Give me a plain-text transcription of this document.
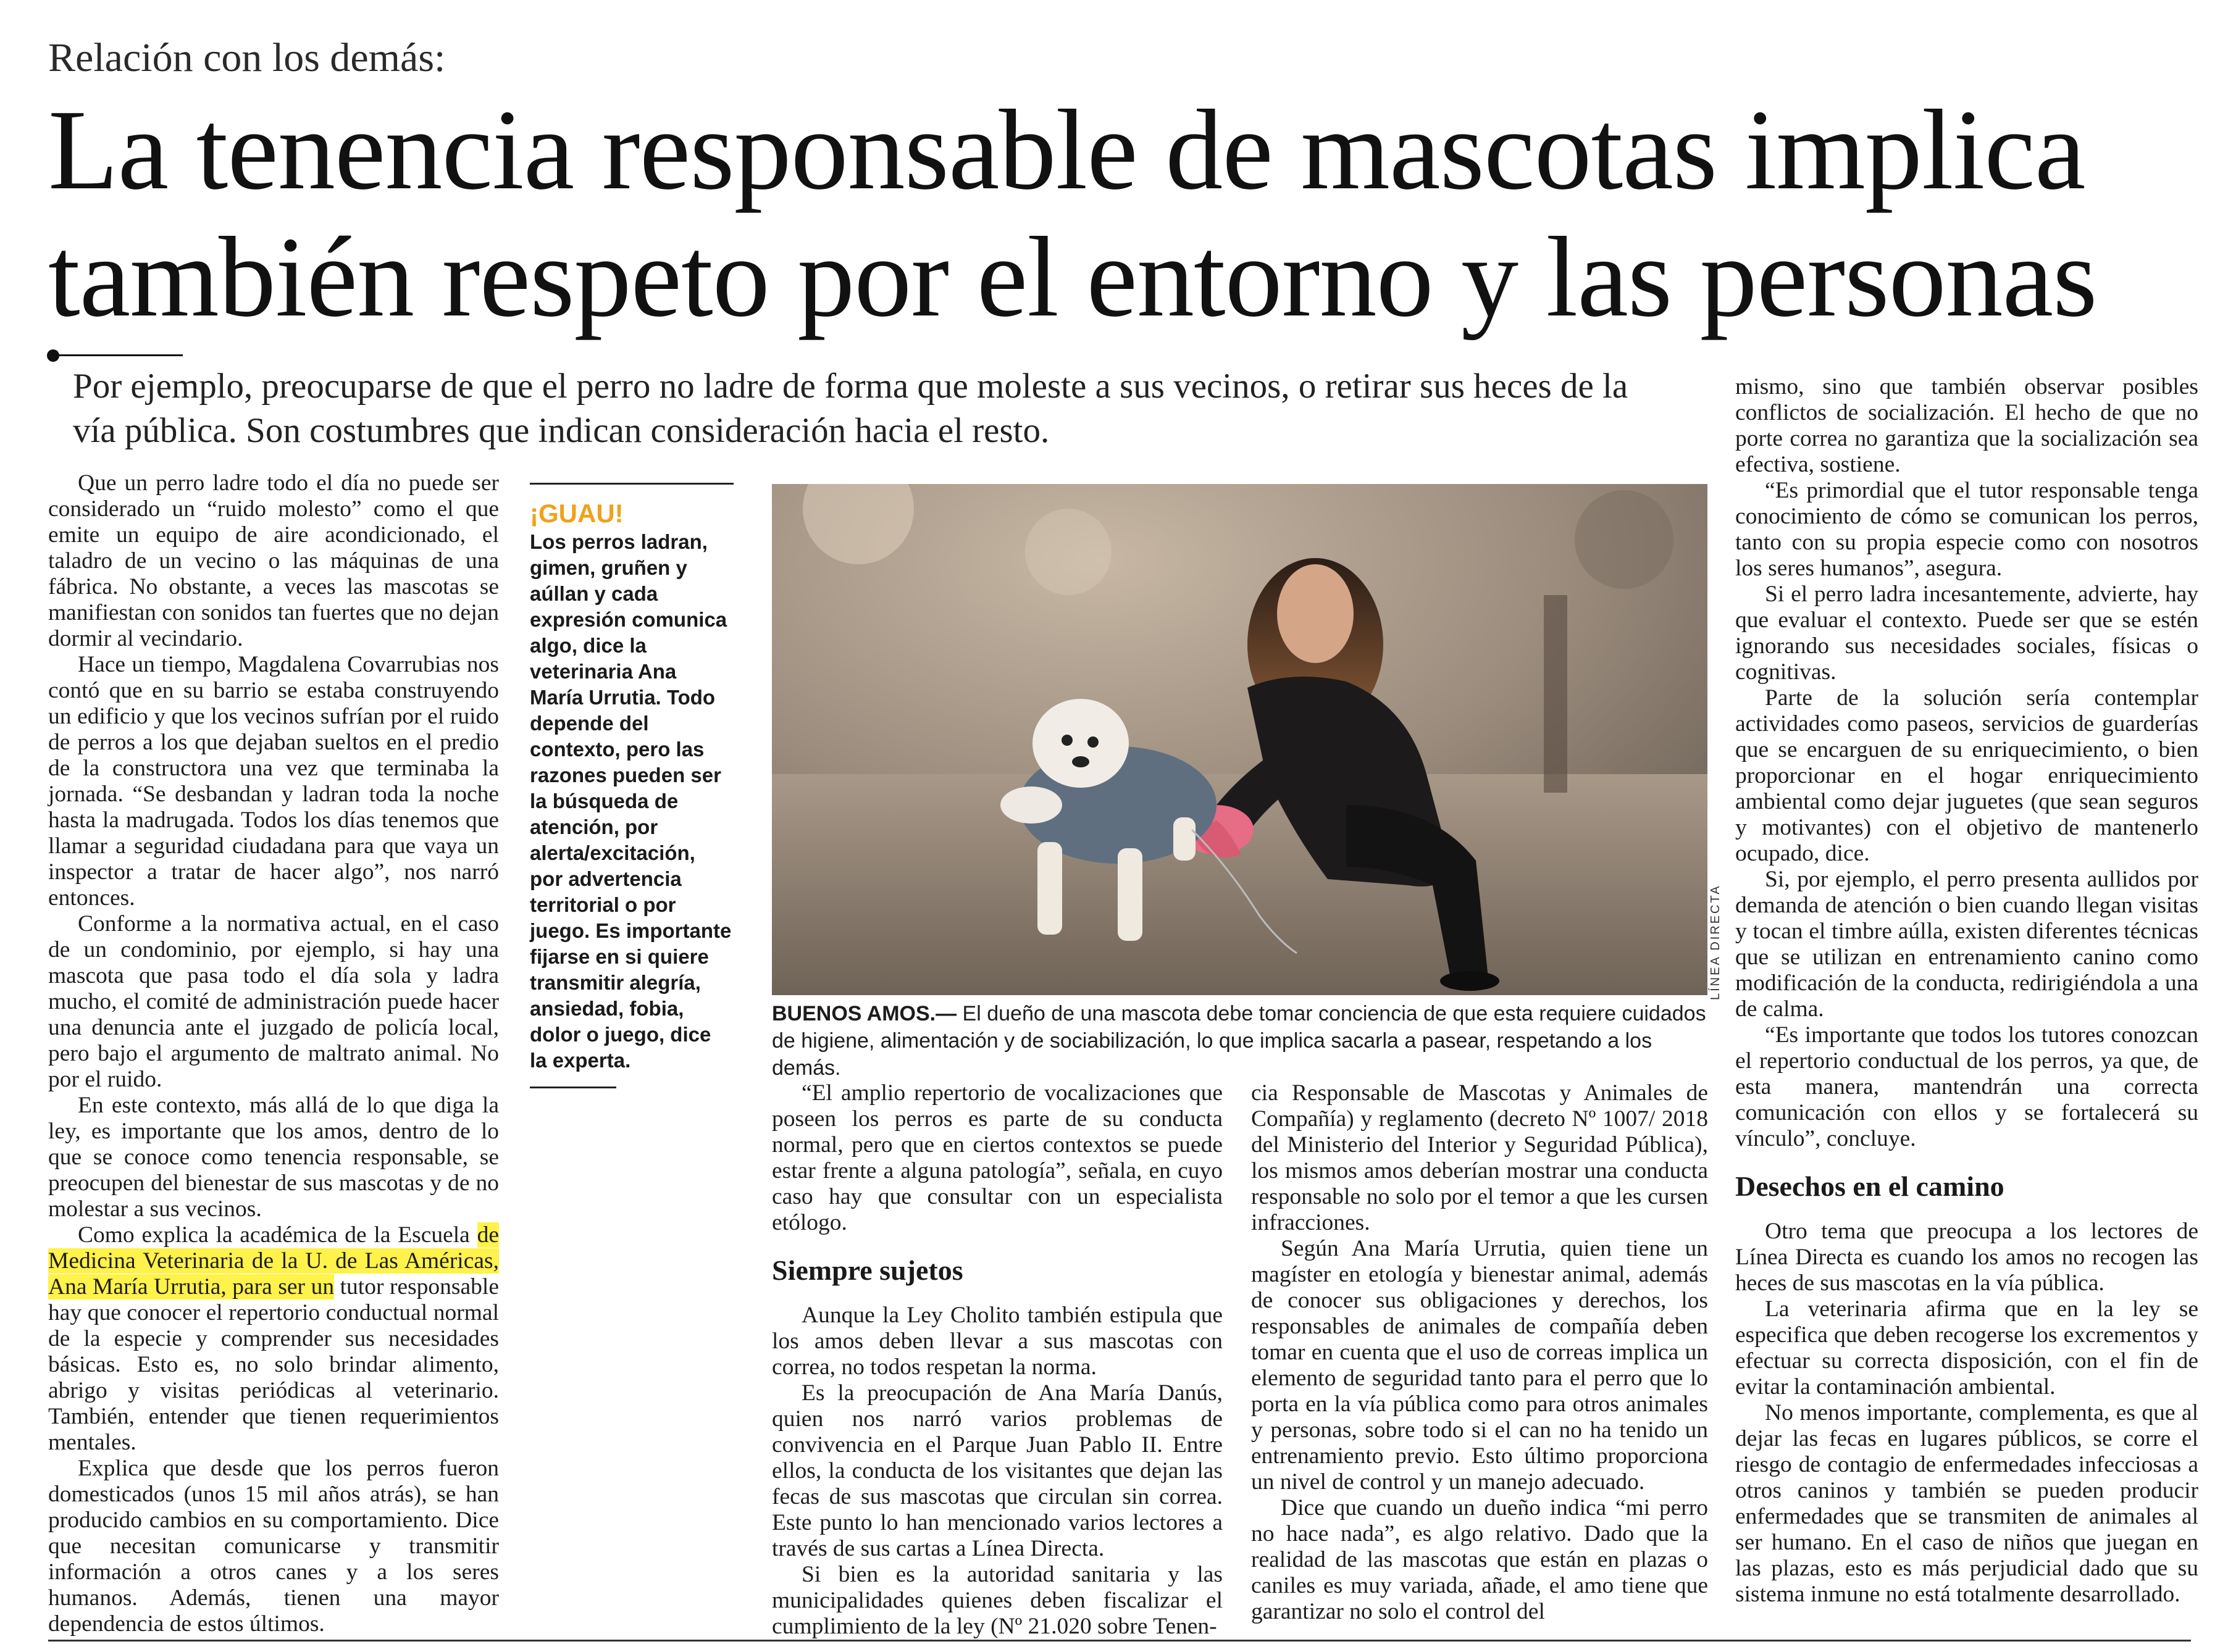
Relación con los demás:
La tenencia responsable de mascotas implica
también respeto por el entorno y las personas
Por ejemplo, preocuparse de que el perro no ladre de forma que moleste a sus vecinos, o retirar sus heces de la vía pública. Son costumbres que indican consideración hacia el resto.

Que un perro ladre todo el día no puede ser considerado un “ruido molesto” como el que emite un equipo de aire acondicionado, el taladro de un vecino o las máquinas de una fábrica. No obstante, a veces las mascotas se manifiestan con sonidos tan fuertes que no dejan dormir al vecindario.

Hace un tiempo, Magdalena Covarrubias nos contó que en su barrio se estaba construyendo un edificio y que los vecinos sufrían por el ruido de perros a los que dejaban sueltos en el predio de la constructora una vez que terminaba la jornada. “Se desbandan y ladran toda la noche hasta la madrugada. Todos los días tenemos que llamar a seguridad ciudadana para que vaya un inspector a tratar de hacer algo”, nos narró entonces.

Conforme a la normativa actual, en el caso de un condominio, por ejemplo, si hay una mascota que pasa todo el día sola y ladra mucho, el comité de administración puede hacer una denuncia ante el juzgado de policía local, pero bajo el argumento de maltrato animal. No por el ruido.

En este contexto, más allá de lo que diga la ley, es importante que los amos, dentro de lo que se conoce como tenencia responsable, se preocupen del bienestar de sus mascotas y de no molestar a sus vecinos.

Como explica la académica de la Escuela de Medicina Veterinaria de la U. de Las Américas, Ana María Urrutia, para ser un tutor responsable hay que conocer el repertorio conductual normal de la especie y comprender sus necesidades básicas. Esto es, no solo brindar alimento, abrigo y visitas periódicas al veterinario. También, entender que tienen requerimientos mentales.

Explica que desde que los perros fueron domesticados (unos 15 mil años atrás), se han producido cambios en su comportamiento. Dice que necesitan comunicarse y transmitir información a otros canes y a los seres humanos. Además, tienen una mayor dependencia de estos últimos.

¡GUAU!
Los perros ladran, gimen, gruñen y aúllan y cada expresión comunica algo, dice la veterinaria Ana María Urrutia. Todo depende del contexto, pero las razones pueden ser la búsqueda de atención, por alerta/excitación, por advertencia territorial o por juego. Es importante fijarse en si quiere transmitir alegría, ansiedad, fobia, dolor o juego, dice la experta.
LÍNEA DIRECTA
BUENOS AMOS.— El dueño de una mascota debe tomar conciencia de que esta requiere cuidados de higiene, alimentación y de sociabilización, lo que implica sacarla a pasear, respetando a los demás.

“El amplio repertorio de vocalizaciones que poseen los perros es parte de su conducta normal, pero que en ciertos contextos se puede estar frente a alguna patología”, señala, en cuyo caso hay que consultar con un especialista etólogo.

Siempre sujetos

Aunque la Ley Cholito también estipula que los amos deben llevar a sus mascotas con correa, no todos respetan la norma.

Es la preocupación de Ana María Danús, quien nos narró varios problemas de convivencia en el Parque Juan Pablo II. Entre ellos, la conducta de los visitantes que dejan las fecas de sus mascotas que circulan sin correa. Este punto lo han mencionado varios lectores a través de sus cartas a Línea Directa.

Si bien es la autoridad sanitaria y las municipalidades quienes deben fiscalizar el cumplimiento de la ley (Nº 21.020 sobre Tenen-

cia Responsable de Mascotas y Animales de Compañía) y reglamento (decreto Nº 1007/ 2018 del Ministerio del Interior y Seguridad Pública), los mismos amos deberían mostrar una conducta responsable no solo por el temor a que les cursen infracciones.

Según Ana María Urrutia, quien tiene un magíster en etología y bienestar animal, además de conocer sus obligaciones y derechos, los responsables de animales de compañía deben tomar en cuenta que el uso de correas implica un elemento de seguridad tanto para el perro que lo porta en la vía pública como para otros animales y personas, sobre todo si el can no ha tenido un entrenamiento previo. Esto último proporciona un nivel de control y un manejo adecuado.

Dice que cuando un dueño indica “mi perro no hace nada”, es algo relativo. Dado que la realidad de las mascotas que están en plazas o caniles es muy variada, añade, el amo tiene que garantizar no solo el control del

mismo, sino que también observar posibles conflictos de socialización. El hecho de que no porte correa no garantiza que la socialización sea efectiva, sostiene.

“Es primordial que el tutor responsable tenga conocimiento de cómo se comunican los perros, tanto con su propia especie como con nosotros los seres humanos”, asegura.

Si el perro ladra incesantemente, advierte, hay que evaluar el contexto. Puede ser que se estén ignorando sus necesidades sociales, físicas o cognitivas.

Parte de la solución sería contemplar actividades como paseos, servicios de guarderías que se encarguen de su enriquecimiento, o bien proporcionar en el hogar enriquecimiento ambiental como dejar juguetes (que sean seguros y motivantes) con el objetivo de mantenerlo ocupado, dice.

Si, por ejemplo, el perro presenta aullidos por demanda de atención o bien cuando llegan visitas y tocan el timbre aúlla, existen diferentes técnicas que se utilizan en entrenamiento canino como modificación de la conducta, redirigiéndola a una de calma.

“Es importante que todos los tutores conozcan el repertorio conductual de los perros, ya que, de esta manera, mantendrán una correcta comunicación con ellos y se fortalecerá su vínculo”, concluye.

Desechos en el camino

Otro tema que preocupa a los lectores de Línea Directa es cuando los amos no recogen las heces de sus mascotas en la vía pública.

La veterinaria afirma que en la ley se especifica que deben recogerse los excrementos y efectuar su correcta disposición, con el fin de evitar la contaminación ambiental.

No menos importante, complementa, es que al dejar las fecas en lugares públicos, se corre el riesgo de contagio de enfermedades infecciosas a otros caninos y también se pueden producir enfermedades que se transmiten de animales al ser humano. En el caso de niños que juegan en las plazas, esto es más perjudicial dado que su sistema inmune no está totalmente desarrollado.
